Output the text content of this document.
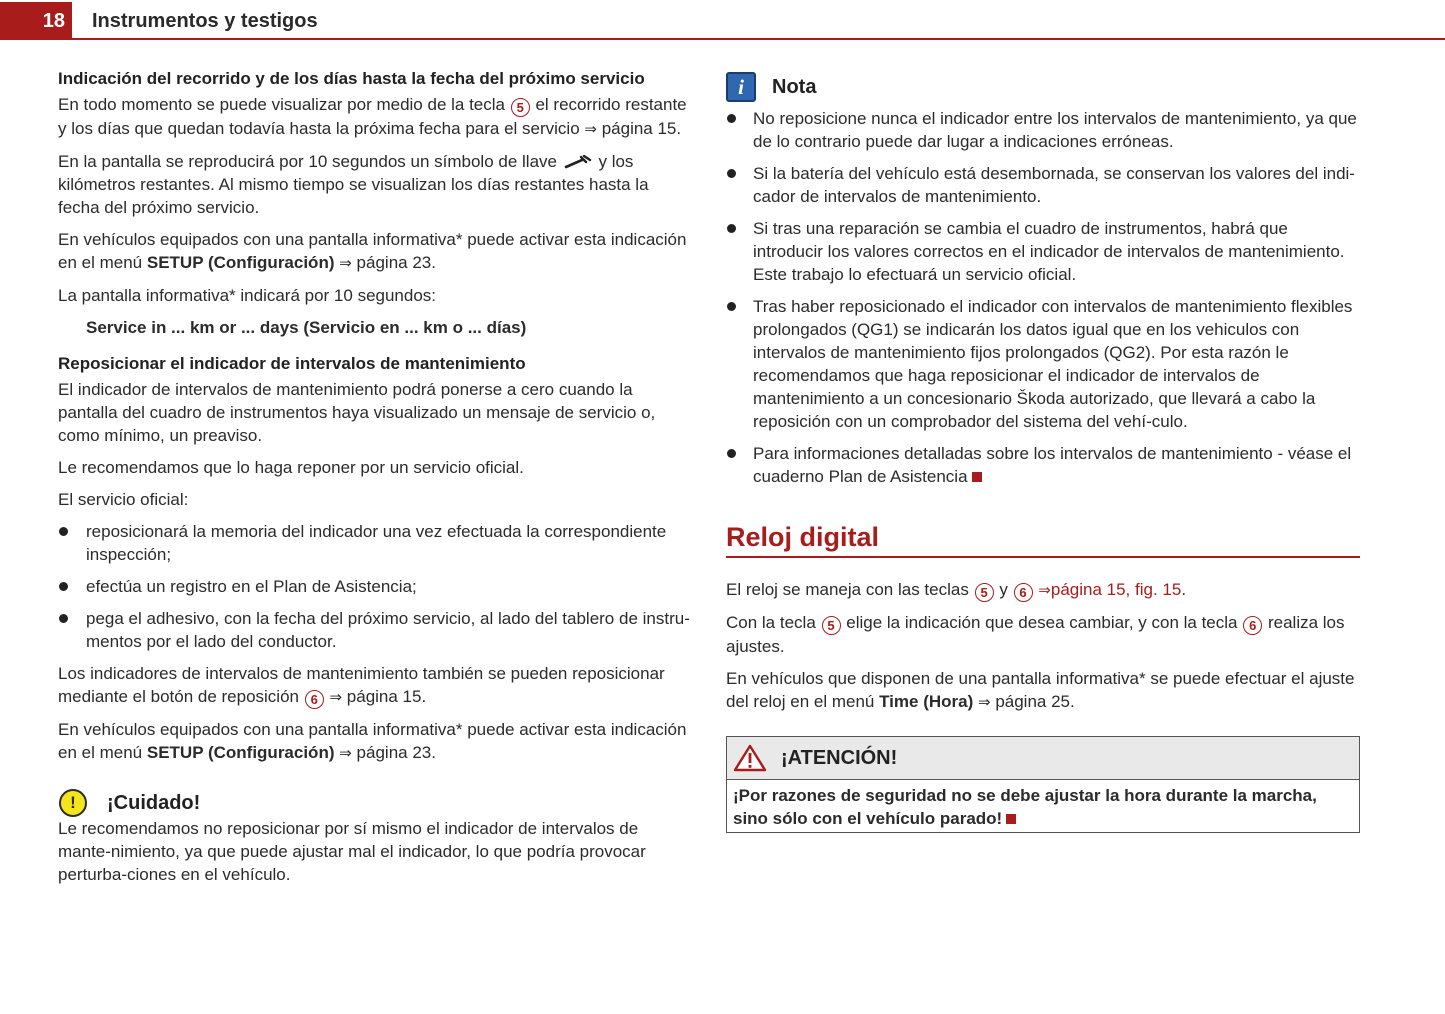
18	Instrumentos y testigos
Indicación del recorrido y de los días hasta la fecha del próximo servicio

En todo momento se puede visualizar por medio de la tecla 5 el recorrido restante y los días que quedan todavía hasta la próxima fecha para el servicio ⇒ página 15.

En la pantalla se reproducirá por 10 segundos un símbolo de llave y los kilómetros restantes. Al mismo tiempo se visualizan los días restantes hasta la fecha del próximo servicio.

En vehículos equipados con una pantalla informativa* puede activar esta indicación en el menú SETUP (Configuración) ⇒ página 23.

La pantalla informativa* indicará por 10 segundos:

Service in ... km or ... days (Servicio en ... km o ... días)

Reposicionar el indicador de intervalos de mantenimiento

El indicador de intervalos de mantenimiento podrá ponerse a cero cuando la pantalla del cuadro de instrumentos haya visualizado un mensaje de servicio o, como mínimo, un preaviso.

Le recomendamos que lo haga reponer por un servicio oficial.

El servicio oficial:

reposicionará la memoria del indicador una vez efectuada la correspondiente inspección;

efectúa un registro en el Plan de Asistencia;

pega el adhesivo, con la fecha del próximo servicio, al lado del tablero de instru-mentos por el lado del conductor.

Los indicadores de intervalos de mantenimiento también se pueden reposicionar mediante el botón de reposición 6 ⇒ página 15.

En vehículos equipados con una pantalla informativa* puede activar esta indicación en el menú SETUP (Configuración) ⇒ página 23.

!	¡Cuidado!

Le recomendamos no reposicionar por sí mismo el indicador de intervalos de mante-nimiento, ya que puede ajustar mal el indicador, lo que podría provocar perturba-ciones en el vehículo.

i	Nota

No reposicione nunca el indicador entre los intervalos de mantenimiento, ya que de lo contrario puede dar lugar a indicaciones erróneas.

Si la batería del vehículo está desembornada, se conservan los valores del indi-cador de intervalos de mantenimiento.

Si tras una reparación se cambia el cuadro de instrumentos, habrá que introducir los valores correctos en el indicador de intervalos de mantenimiento. Este trabajo lo efectuará un servicio oficial.

Tras haber reposicionado el indicador con intervalos de mantenimiento flexibles prolongados (QG1) se indicarán los datos igual que en los vehiculos con intervalos de mantenimiento fijos prolongados (QG2). Por esta razón le recomendamos que haga reposicionar el indicador de intervalos de mantenimiento a un concesionario Škoda autorizado, que llevará a cabo la reposición con un comprobador del sistema del vehí-culo.

Para informaciones detalladas sobre los intervalos de mantenimiento - véase el cuaderno Plan de Asistencia

Reloj digital

El reloj se maneja con las teclas 5 y 6 ⇒página 15, fig. 15.

Con la tecla 5 elige la indicación que desea cambiar, y con la tecla 6 realiza los ajustes.

En vehículos que disponen de una pantalla informativa* se puede efectuar el ajuste del reloj en el menú Time (Hora) ⇒ página 25.

¡ATENCIÓN!

¡Por razones de seguridad no se debe ajustar la hora durante la marcha, sino sólo con el vehículo parado!
